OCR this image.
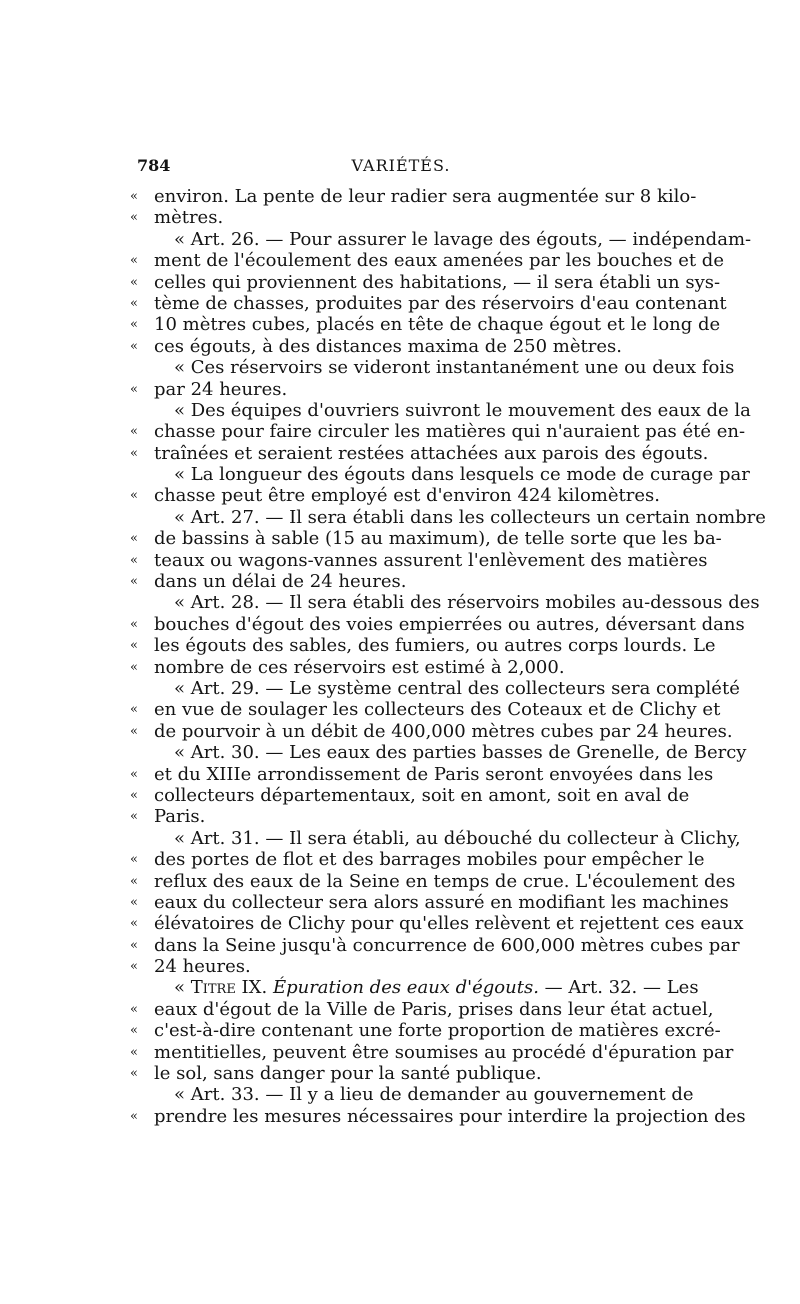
784	VARIÉTÉS.
« environ. La pente de leur radier sera augmentée sur 8 kilo-
« mètres.
« Art. 26. — Pour assurer le lavage des égouts, — indépendam-
« ment de l'écoulement des eaux amenées par les bouches et de
« celles qui proviennent des habitations, — il sera établi un sys-
« tème de chasses, produites par des réservoirs d'eau contenant
« 10 mètres cubes, placés en tête de chaque égout et le long de
« ces égouts, à des distances maxima de 250 mètres.
« Ces réservoirs se videront instantanément une ou deux fois
« par 24 heures.
« Des équipes d'ouvriers suivront le mouvement des eaux de la
« chasse pour faire circuler les matières qui n'auraient pas été en-
« traînées et seraient restées attachées aux parois des égouts.
« La longueur des égouts dans lesquels ce mode de curage par
« chasse peut être employé est d'environ 424 kilomètres.
« Art. 27. — Il sera établi dans les collecteurs un certain nombre
« de bassins à sable (15 au maximum), de telle sorte que les ba-
« teaux ou wagons-vannes assurent l'enlèvement des matières
« dans un délai de 24 heures.
« Art. 28. — Il sera établi des réservoirs mobiles au-dessous des
« bouches d'égout des voies empierrées ou autres, déversant dans
« les égouts des sables, des fumiers, ou autres corps lourds. Le
« nombre de ces réservoirs est estimé à 2,000.
« Art. 29. — Le système central des collecteurs sera complété
« en vue de soulager les collecteurs des Coteaux et de Clichy et
« de pourvoir à un débit de 400,000 mètres cubes par 24 heures.
« Art. 30. — Les eaux des parties basses de Grenelle, de Bercy
« et du XIIIe arrondissement de Paris seront envoyées dans les
« collecteurs départementaux, soit en amont, soit en aval de
« Paris.
« Art. 31. — Il sera établi, au débouché du collecteur à Clichy,
« des portes de flot et des barrages mobiles pour empêcher le
« reflux des eaux de la Seine en temps de crue. L'écoulement des
« eaux du collecteur sera alors assuré en modifiant les machines
« élévatoires de Clichy pour qu'elles relèvent et rejettent ces eaux
« dans la Seine jusqu'à concurrence de 600,000 mètres cubes par
« 24 heures.
« Titre IX. Épuration des eaux d'égouts. — Art. 32. — Les
« eaux d'égout de la Ville de Paris, prises dans leur état actuel,
« c'est-à-dire contenant une forte proportion de matières excré-
« mentitielles, peuvent être soumises au procédé d'épuration par
« le sol, sans danger pour la santé publique.
« Art. 33. — Il y a lieu de demander au gouvernement de
« prendre les mesures nécessaires pour interdire la projection des
